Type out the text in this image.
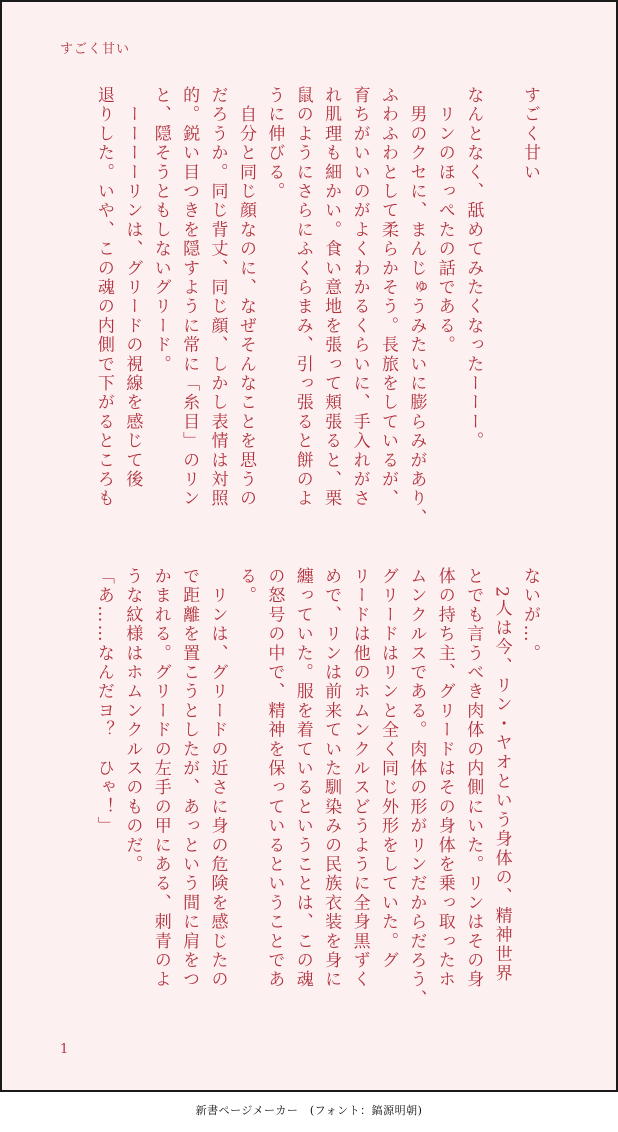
すごく甘い

すごく甘い

なんとなく、舐めてみたくなったーーー。
　リンのほっぺたの話である。
　男のクセに、まんじゅうみたいに膨らみがあり、
ふわふわとして柔らかそう。長旅をしているが、
育ちがいいのがよくわかるくらいに、手入れがさ
れ肌理も細かい。食い意地を張って頬張ると、栗
鼠のようにさらにふくらまみ、引っ張ると餅のよ
うに伸びる。
　自分と同じ顔なのに、なぜそんなことを思うの
だろうか。同じ背丈、同じ顔、しかし表情は対照
的。鋭い目つきを隠すように常に「糸目」のリン
と、隠そうともしないグリード。
　ーーーーリンは、グリードの視線を感じて後
退りした。いや、この魂の内側で下がるところも

ないが…。
　2人は今、リン・ヤオという身体の、精神世界
とでも言うべき肉体の内側にいた。リンはその身
体の持ち主、グリードはその身体を乗っ取ったホ
ムンクルスである。肉体の形がリンだからだろう、
グリードはリンと全く同じ外形をしていた。グ
リードは他のホムンクルスどうように全身黒ずく
めで、リンは前来ていた馴染みの民族衣装を身に
纏っていた。服を着ているということは、この魂
の怒号の中で、精神を保っているということであ
る。
　リンは、グリードの近さに身の危険を感じたの
で距離を置こうとしたが、あっという間に肩をつ
かまれる。グリードの左手の甲にある、刺青のよ
うな紋様はホムンクルスのものだ。
「あ……なんだヨ？　ひゃ！」

1
新書ページメーカー　(フォント：鎬源明朝)
